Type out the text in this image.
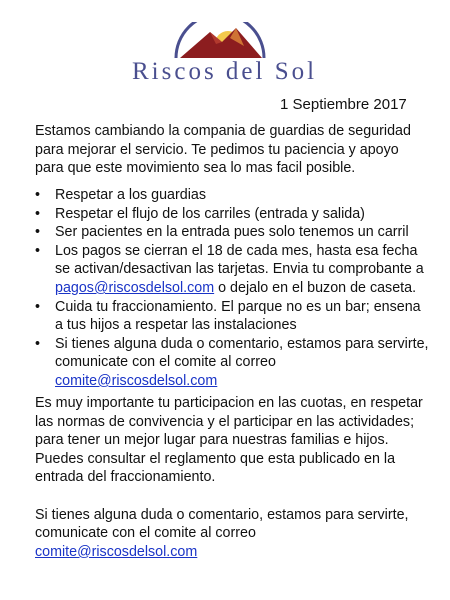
Riscos del Sol
1 Septiembre 2017

Estamos cambiando la compania de guardias de seguridad para mejorar el servicio. Te pedimos tu paciencia y apoyo para que este movimiento sea lo mas facil posible.

• Respetar a los guardias
• Respetar el flujo de los carriles (entrada y salida)
• Ser pacientes en la entrada pues solo tenemos un carril
• Los pagos se cierran el 18 de cada mes, hasta esa fecha se activan/desactivan las tarjetas. Envia tu comprobante a pagos@riscosdelsol.com o dejalo en el buzon de caseta.
• Cuida tu fraccionamiento. El parque no es un bar; ensena a tus hijos a respetar las instalaciones
• Si tienes alguna duda o comentario, estamos para servirte, comunicate con el comite al correo
comite@riscosdelsol.com

Es muy importante tu participacion en las cuotas, en respetar las normas de convivencia y el participar en las actividades; para tener un mejor lugar para nuestras familias e hijos.

Puedes consultar el reglamento que esta publicado en la entrada del fraccionamiento.

Si tienes alguna duda o comentario, estamos para servirte, comunicate con el comite al correo

comite@riscosdelsol.com
